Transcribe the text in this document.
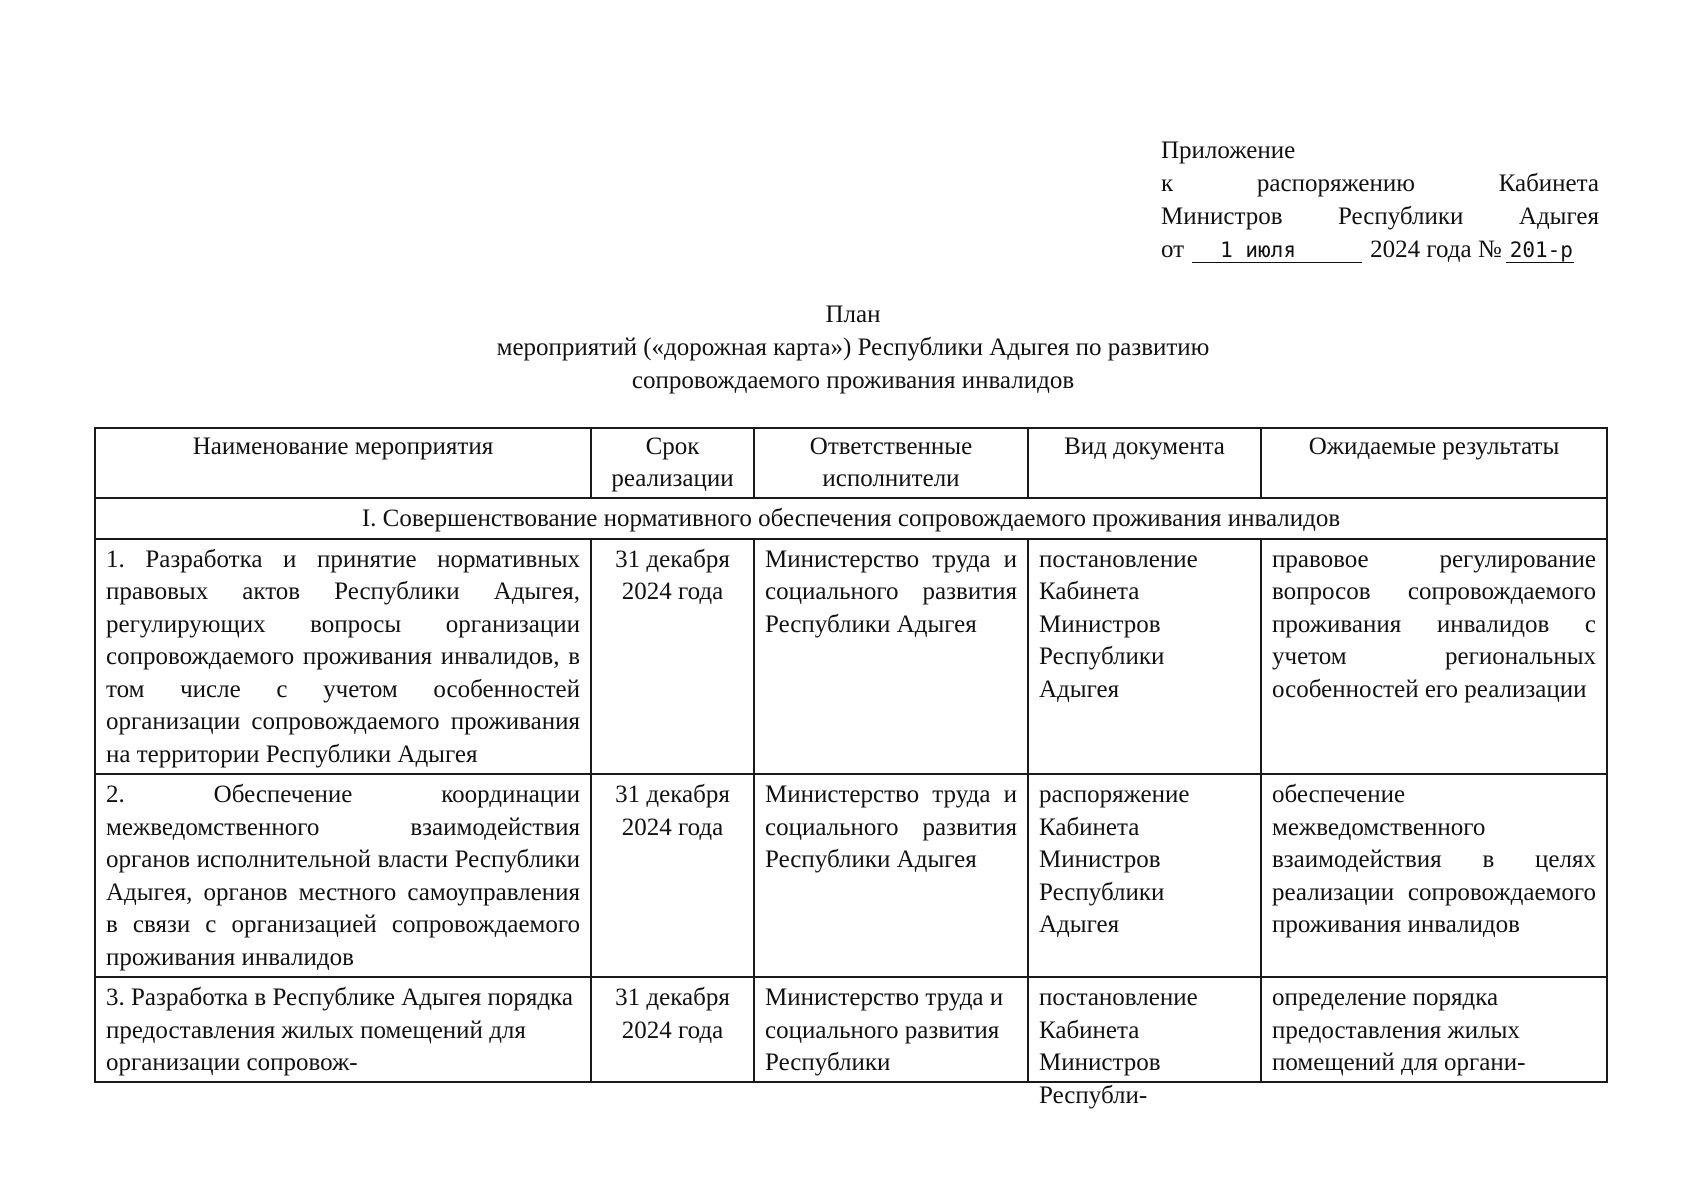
Приложение
к	распоряжению	Кабинета
Министров Республики Адыгея
от 1 июля	2024 года № 201-р
План
мероприятий («дорожная карта») Республики Адыгея по развитию
сопровождаемого проживания инвалидов
Наименование мероприятия	Срок реализации	Ответственные исполнители	Вид документа	Ожидаемые результаты
I. Совершенствование нормативного обеспечения сопровождаемого проживания инвалидов				
1. Разработка и принятие нормативных правовых актов Республики Адыгея, регулирующих вопросы организации сопровождаемого проживания инвалидов, в том числе с учетом особенностей организации сопровождаемого проживания на территории Республики Адыгея	31 декабря 2024 года	Министерство труда и социального развития Республики Адыгея	постановление Кабинета Министров Республики Адыгея	правовое регулирование вопросов сопровождаемого проживания инвалидов с учетом региональных особенностей его реализации
2. Обеспечение координации межведомственного взаимодействия органов исполнительной власти Республики Адыгея, органов местного самоуправления в связи с организацией сопровождаемого проживания инвалидов	31 декабря 2024 года	Министерство труда и социального развития Республики Адыгея	распоряжение Кабинета Министров Республики Адыгея	обеспечение межведомственного взаимодействия в целях реализации сопровождаемого проживания инвалидов

3. Разработка в Республике Адыгея порядка предоставления жилых помещений для организации сопровож-	31 декабря 2024 года	Министерство труда и социального развития Республики	постановление Кабинета Министров Республи-	определение порядка предоставления жилых помещений для органи-
